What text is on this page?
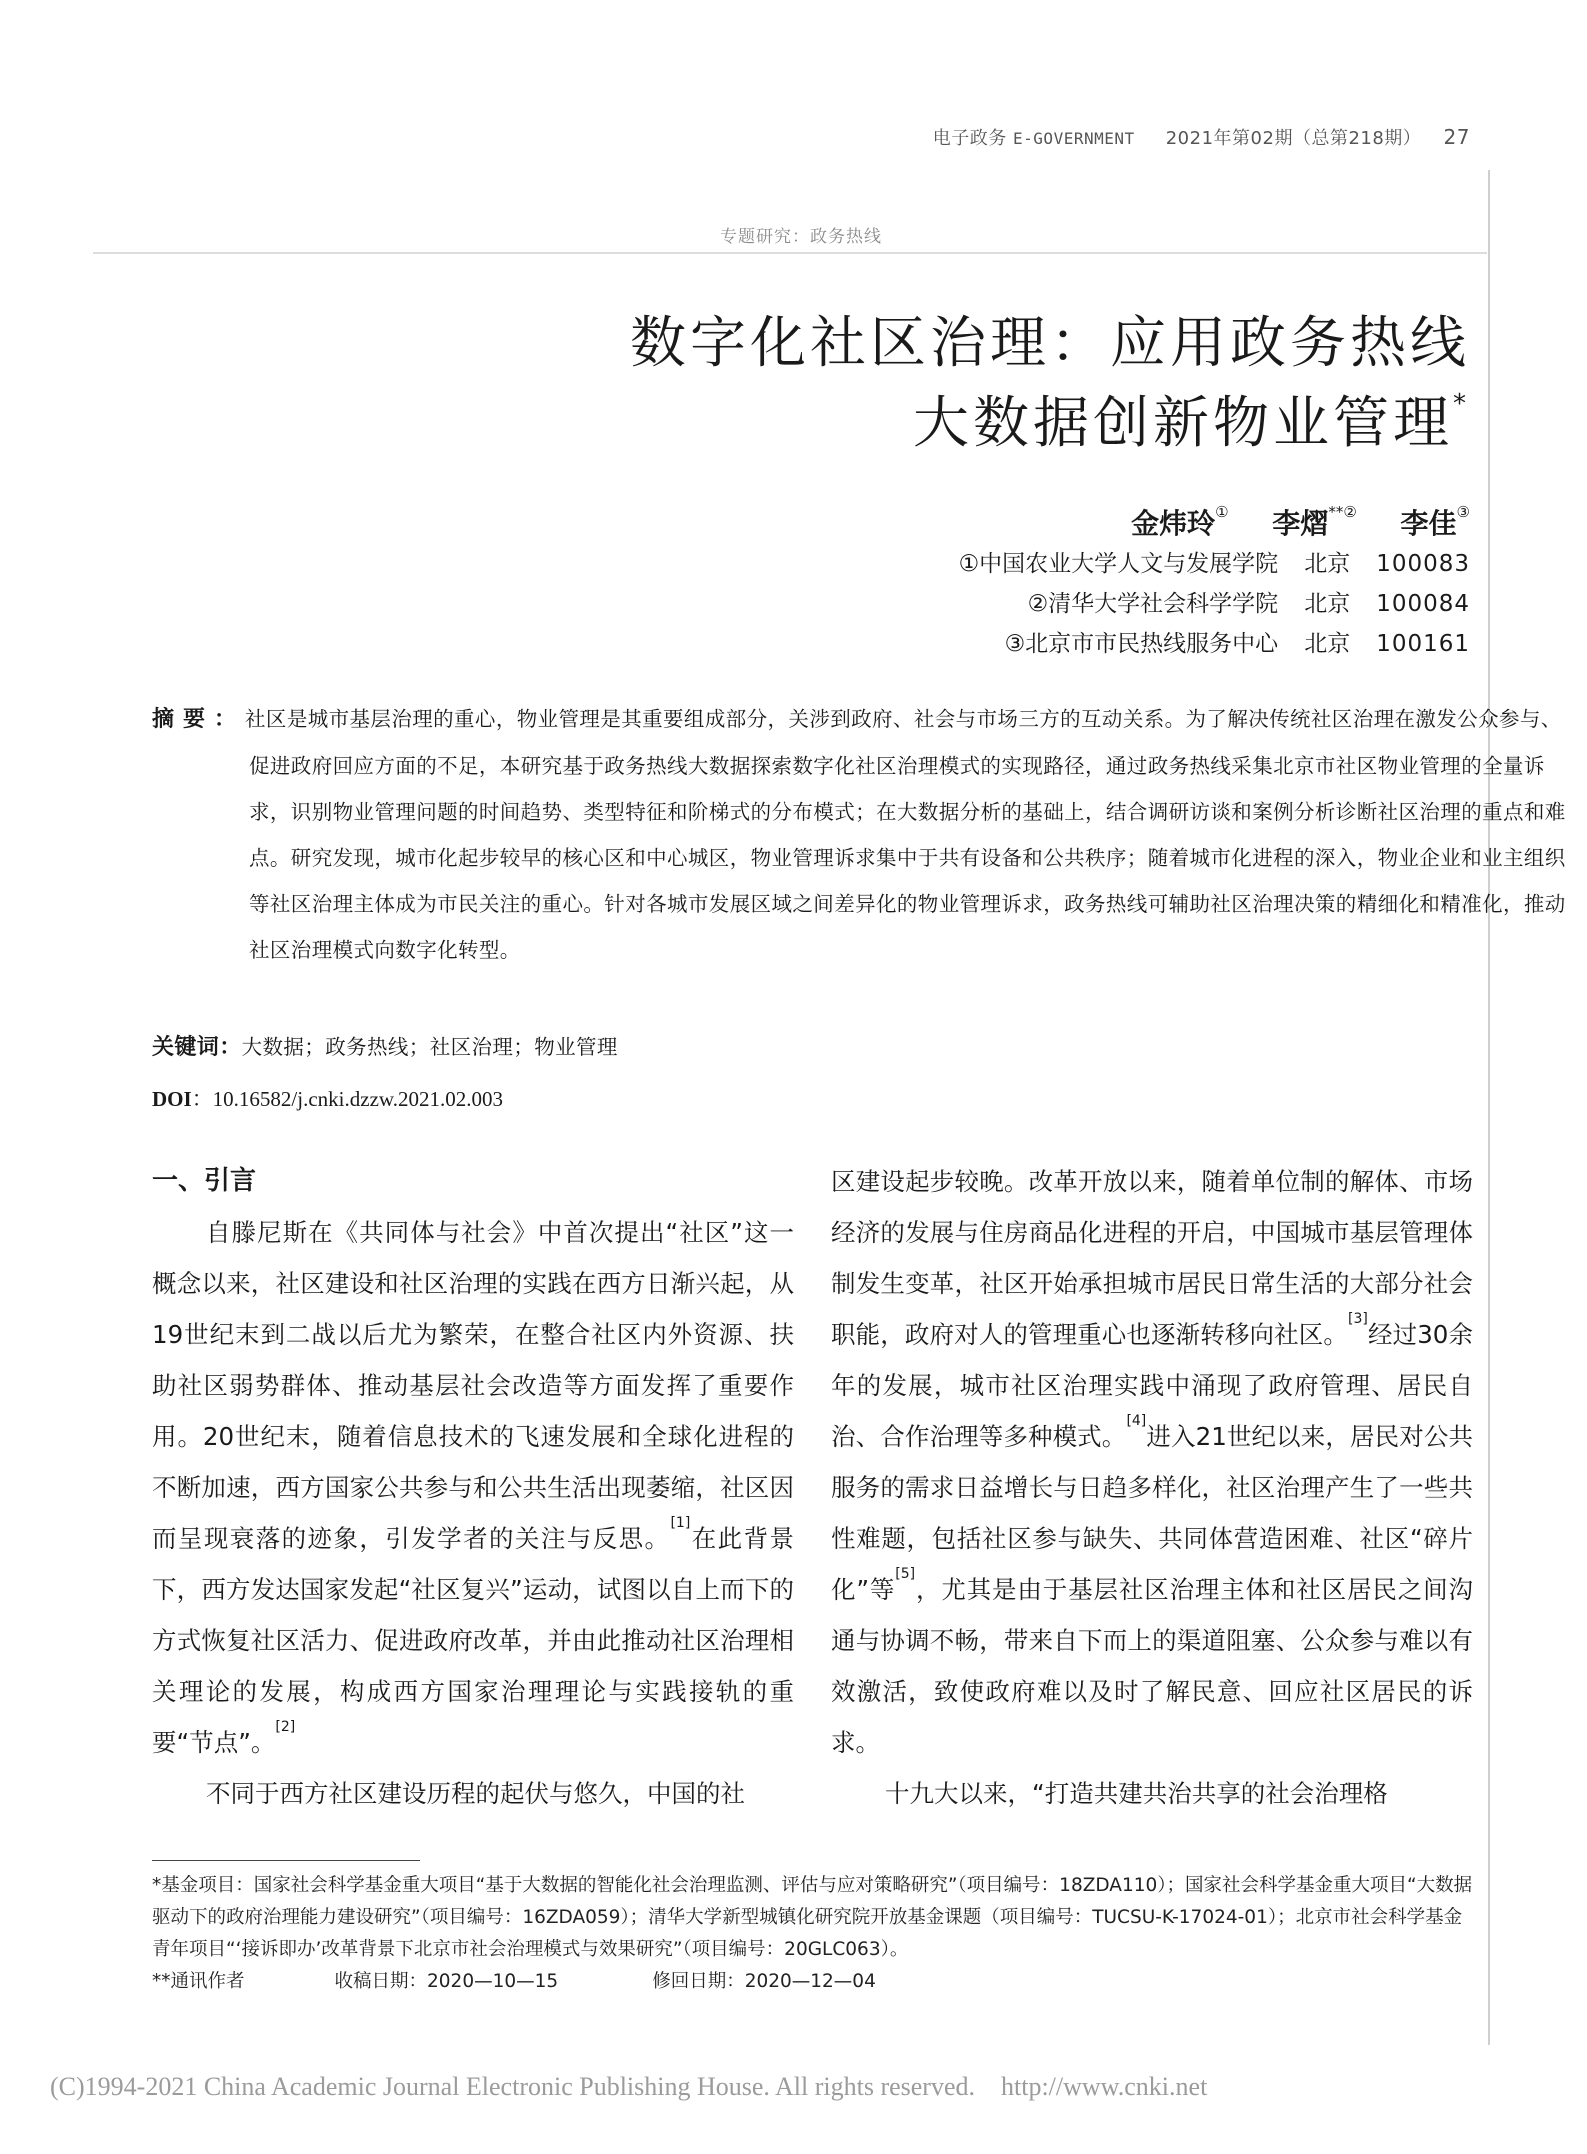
电子政务 E-GOVERNMENT 2021年第02期（总第218期） 27
专题研究：政务热线
数字化社区治理：应用政务热线
大数据创新物业管理*
金炜玲① 李熠**② 李佳③
①中国农业大学人文与发展学院 北京 100083
②清华大学社会科学学院 北京 100084
③北京市市民热线服务中心 北京 100161
摘要：社区是城市基层治理的重心，物业管理是其重要组成部分，关涉到政府、社会与市场三方的互动关系。为了解决传统社区治理在激发公众参与、促进政府回应方面的不足，本研究基于政务热线大数据探索数字化社区治理模式的实现路径，通过政务热线采集北京市社区物业管理的全量诉求，识别物业管理问题的时间趋势、类型特征和阶梯式的分布模式；在大数据分析的基础上，结合调研访谈和案例分析诊断社区治理的重点和难点。研究发现，城市化起步较早的核心区和中心城区，物业管理诉求集中于共有设备和公共秩序；随着城市化进程的深入，物业企业和业主组织等社区治理主体成为市民关注的重心。针对各城市发展区域之间差异化的物业管理诉求，政务热线可辅助社区治理决策的精细化和精准化，推动社区治理模式向数字化转型。
关键词：大数据；政务热线；社区治理；物业管理
DOI：10.16582/j.cnki.dzzw.2021.02.003

一、引言

自滕尼斯在《共同体与社会》中首次提出“社区”这一概念以来，社区建设和社区治理的实践在西方日渐兴起，从19世纪末到二战以后尤为繁荣，在整合社区内外资源、扶助社区弱势群体、推动基层社会改造等方面发挥了重要作用。20世纪末，随着信息技术的飞速发展和全球化进程的不断加速，西方国家公共参与和公共生活出现萎缩，社区因而呈现衰落的迹象，引发学者的关注与反思。[1]在此背景下，西方发达国家发起“社区复兴”运动，试图以自上而下的方式恢复社区活力、促进政府改革，并由此推动社区治理相关理论的发展，构成西方国家治理理论与实践接轨的重要“节点”。[2]

不同于西方社区建设历程的起伏与悠久，中国的社

区建设起步较晚。改革开放以来，随着单位制的解体、市场经济的发展与住房商品化进程的开启，中国城市基层管理体制发生变革，社区开始承担城市居民日常生活的大部分社会职能，政府对人的管理重心也逐渐转移向社区。[3]经过30余年的发展，城市社区治理实践中涌现了政府管理、居民自治、合作治理等多种模式。[4]进入21世纪以来，居民对公共服务的需求日益增长与日趋多样化，社区治理产生了一些共性难题，包括社区参与缺失、共同体营造困难、社区“碎片化”等[5]，尤其是由于基层社区治理主体和社区居民之间沟通与协调不畅，带来自下而上的渠道阻塞、公众参与难以有效激活，致使政府难以及时了解民意、回应社区居民的诉求。

十九大以来，“打造共建共治共享的社会治理格

*基金项目：国家社会科学基金重大项目“基于大数据的智能化社会治理监测、评估与应对策略研究”（项目编号：18ZDA110）；国家社会科学基金重大项目“大数据驱动下的政府治理能力建设研究”（项目编号：16ZDA059）；清华大学新型城镇化研究院开放基金课题（项目编号：TUCSU-K-17024-01）；北京市社会科学基金青年项目“‘接诉即办’改革背景下北京市社会治理模式与效果研究”（项目编号：20GLC063）。

**通讯作者	收稿日期：2020—10—15	修回日期：2020—12—04

(C)1994-2021 China Academic Journal Electronic Publishing House. All rights reserved. http://www.cnki.net
